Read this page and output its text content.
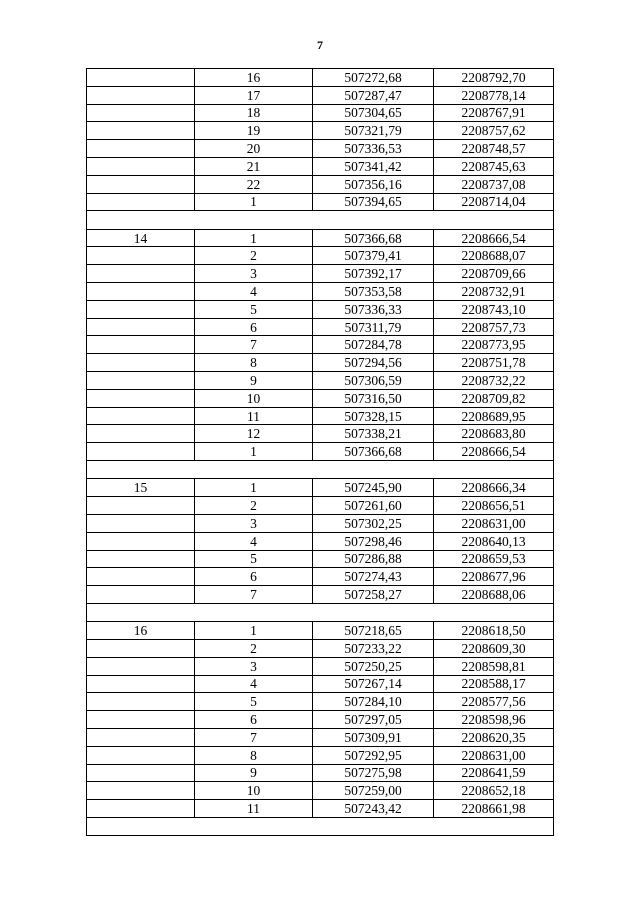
7
	16	507272,68	2208792,70
	17	507287,47	2208778,14
	18	507304,65	2208767,91
	19	507321,79	2208757,62
	20	507336,53	2208748,57
	21	507341,42	2208745,63
	22	507356,16	2208737,08
	1	507394,65	2208714,04

14	1	507366,68	2208666,54
	2	507379,41	2208688,07
	3	507392,17	2208709,66
	4	507353,58	2208732,91
	5	507336,33	2208743,10
	6	507311,79	2208757,73
	7	507284,78	2208773,95
	8	507294,56	2208751,78
	9	507306,59	2208732,22
	10	507316,50	2208709,82
	11	507328,15	2208689,95
	12	507338,21	2208683,80
	1	507366,68	2208666,54

15	1	507245,90	2208666,34
	2	507261,60	2208656,51
	3	507302,25	2208631,00
	4	507298,46	2208640,13
	5	507286,88	2208659,53
	6	507274,43	2208677,96
	7	507258,27	2208688,06

16	1	507218,65	2208618,50
	2	507233,22	2208609,30
	3	507250,25	2208598,81
	4	507267,14	2208588,17
	5	507284,10	2208577,56
	6	507297,05	2208598,96
	7	507309,91	2208620,35
	8	507292,95	2208631,00
	9	507275,98	2208641,59
	10	507259,00	2208652,18
	11	507243,42	2208661,98
